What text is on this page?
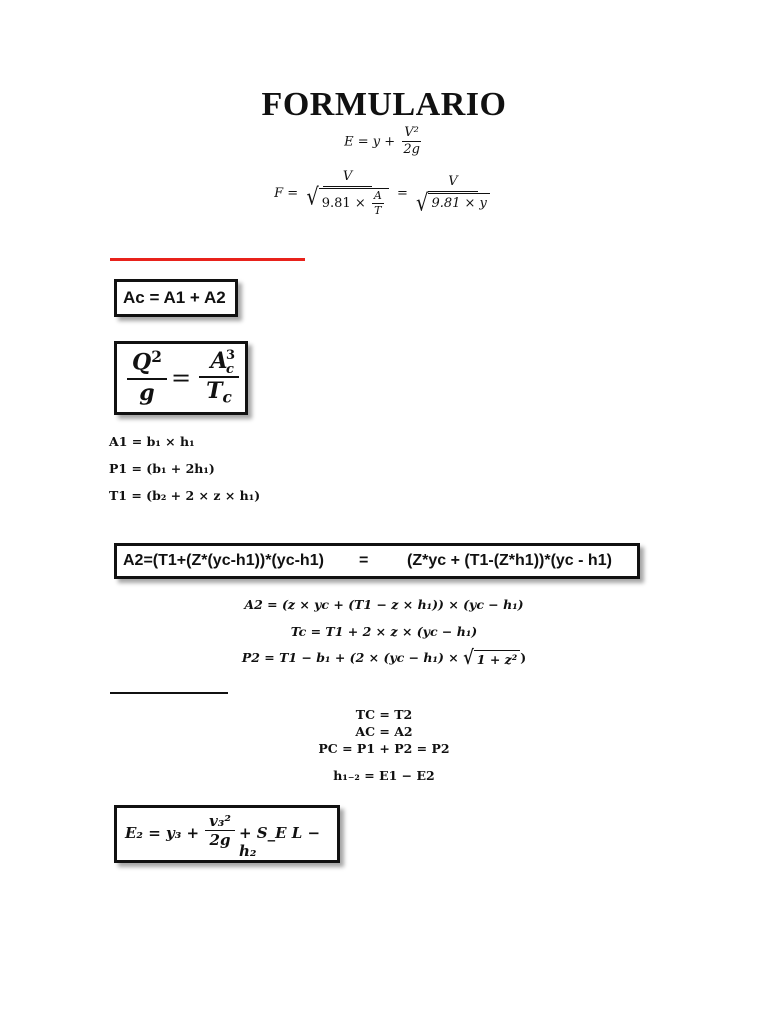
FORMULARIO
$E = y + \frac{\text{V²}}{2g}$
F = V
√ 9.81 ×
$\frac{A}{T} = \frac{V}{√ 9.81 \times y}$
Ac = A1 + A2
$Q^2$
g
=
A
3
c
$T_c$
A1 = b₁ × h₁
P1 = (b₁ + 2h₁)
T1 = (b₂ + 2 × z × h₁)
A2=(T1+(Z*(yc-h1))*(yc-h1) = (Z*yc + (T1-(Z*h1))*(yc - h1)
A2 = (z × yc + (T1 − z × h₁)) × (yc − h₁)
Tc = T1 + 2 × z × (yc − h₁)
P2 = T1 − b₁ + (2 × (yc − h₁) × √ 1 + z² )
TC = T2
AC = A2
PC = P1 + P2 = P2
h₁₋₂ = E1 − E2
E₂ = y₃ +
v₃²
2g + S_E L − h₂
